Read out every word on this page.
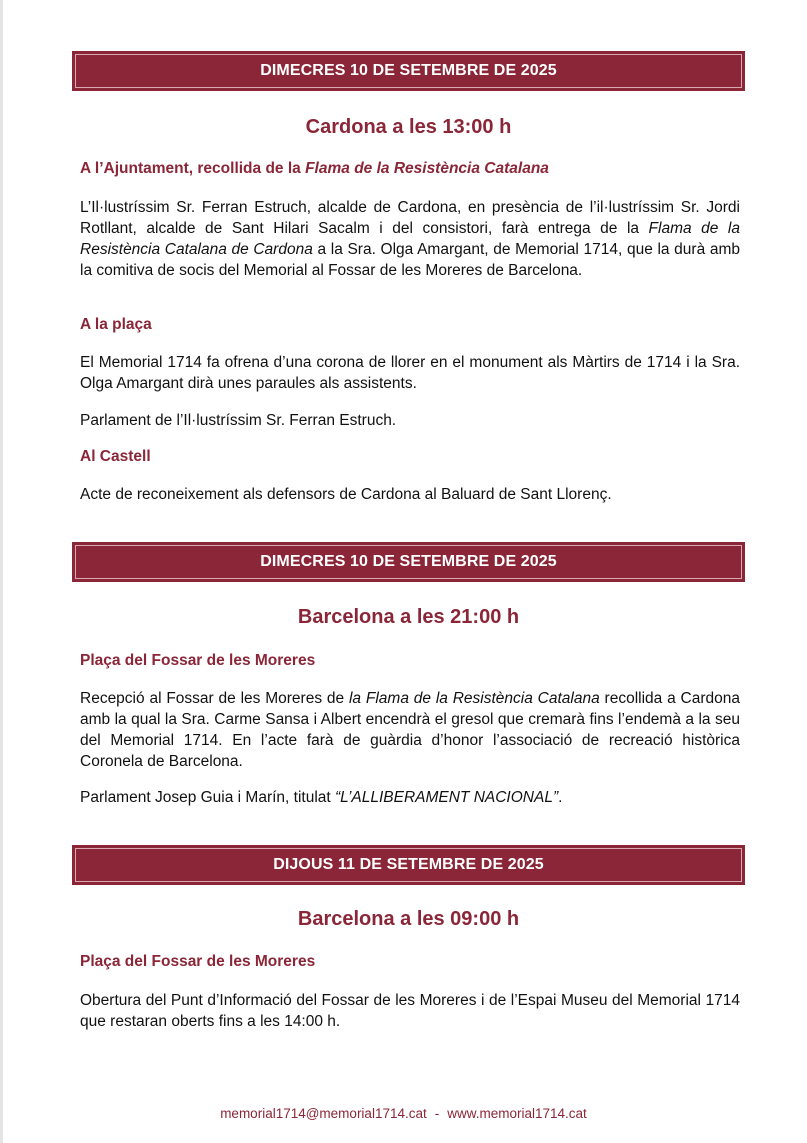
DIMECRES 10 DE SETEMBRE DE 2025
Cardona a les 13:00 h
A l’Ajuntament, recollida de la Flama de la Resistència Catalana
L’Il·lustríssim Sr. Ferran Estruch, alcalde de Cardona, en presència de l’il·lustríssim Sr. Jordi Rotllant, alcalde de Sant Hilari Sacalm i del consistori, farà entrega de la Flama de la Resistència Catalana de Cardona a la Sra. Olga Amargant, de Memorial 1714, que la durà amb la comitiva de socis del Memorial al Fossar de les Moreres de Barcelona.
A la plaça
El Memorial 1714 fa ofrena d’una corona de llorer en el monument als Màrtirs de 1714 i la Sra. Olga Amargant dirà unes paraules als assistents.
Parlament de l’Il·lustríssim Sr. Ferran Estruch.
Al Castell
Acte de reconeixement als defensors de Cardona al Baluard de Sant Llorenç.
DIMECRES 10 DE SETEMBRE DE 2025
Barcelona a les 21:00 h
Plaça del Fossar de les Moreres
Recepció al Fossar de les Moreres de la Flama de la Resistència Catalana recollida a Cardona amb la qual la Sra. Carme Sansa i Albert encendrà el gresol que cremarà fins l’endemà a la seu del Memorial 1714. En l’acte farà de guàrdia d’honor l’associació de recreació històrica Coronela de Barcelona.
Parlament Josep Guia i Marín, titulat “L’ALLIBERAMENT NACIONAL”.
DIJOUS 11 DE SETEMBRE DE 2025
Barcelona a les 09:00 h
Plaça del Fossar de les Moreres
Obertura del Punt d’Informació del Fossar de les Moreres i de l’Espai Museu del Memorial 1714 que restaran oberts fins a les 14:00 h.
memorial1714@memorial1714.cat - www.memorial1714.cat
